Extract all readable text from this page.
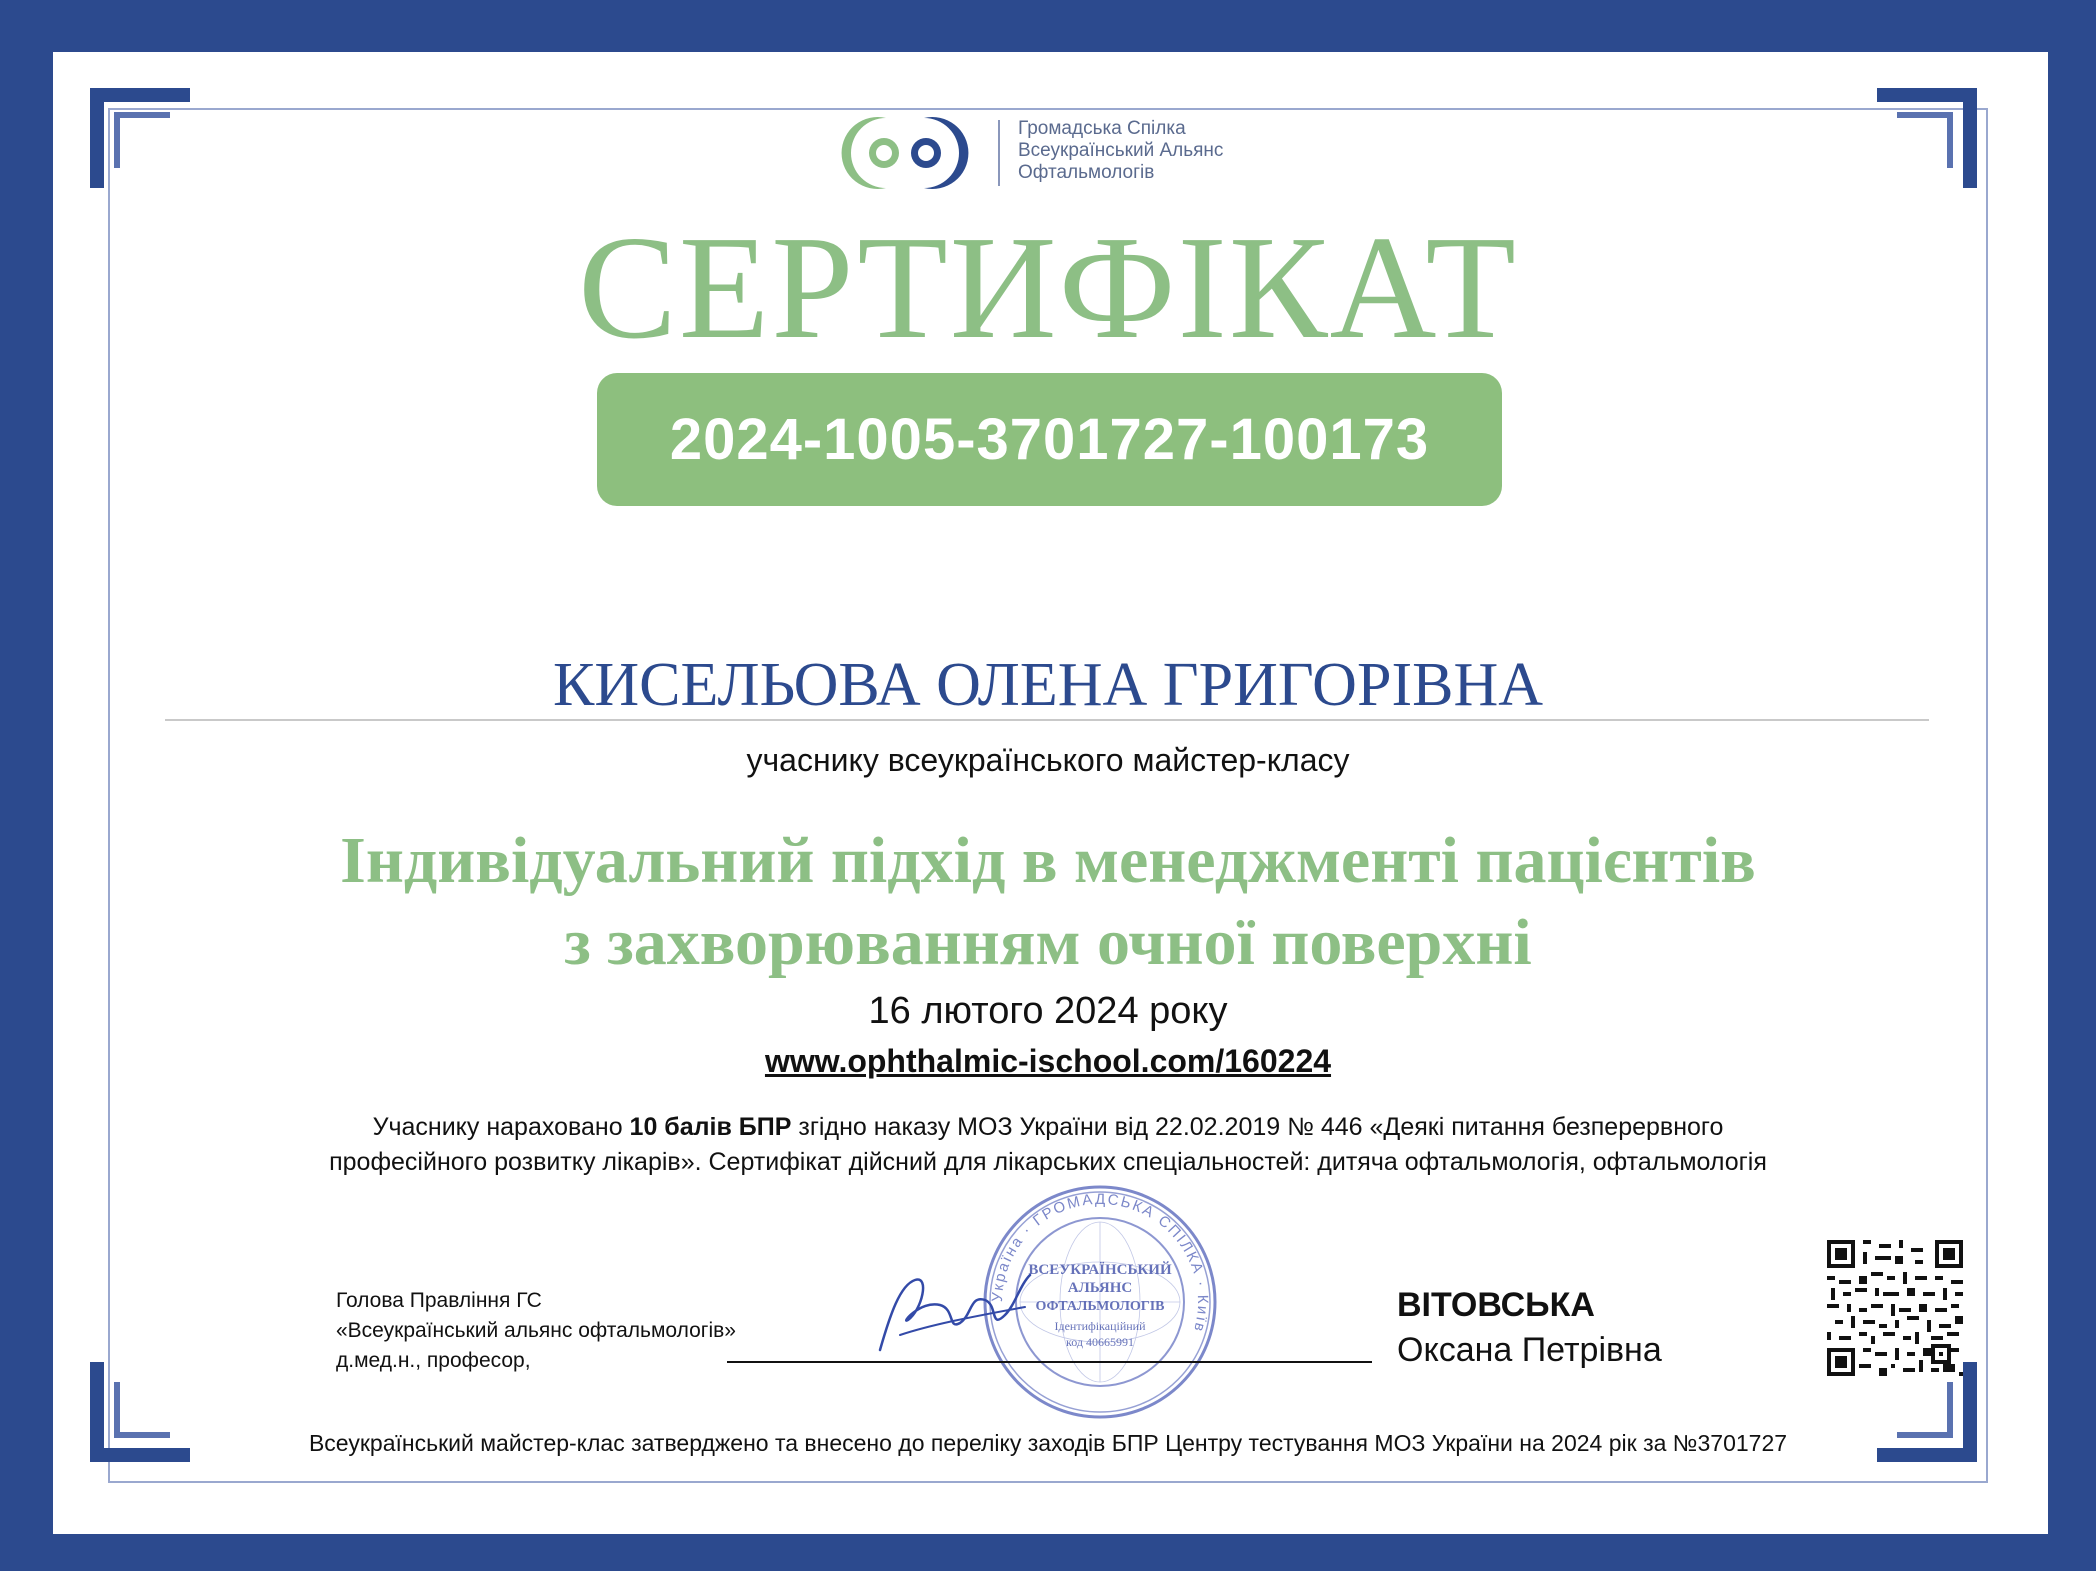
Громадська Спілка
Всеукраїнський Альянс
Офтальмологів
СЕРТИФІКАТ
2024-1005-3701727-100173
КИСЕЛЬОВА ОЛЕНА ГРИГОРІВНА
учаснику всеукраїнського майстер-класу
Індивідуальний підхід в менеджменті пацієнтів
з захворюванням очної поверхні
16 лютого 2024 року
www.ophthalmic-ischool.com/160224
Учаснику нараховано 10 балів БПР згідно наказу МОЗ України від 22.02.2019 № 446 «Деякі питання безперервного
професійного розвитку лікарів». Сертифікат дійсний для лікарських спеціальностей: дитяча офтальмологія, офтальмологія
Голова Правління ГС
«Всеукраїнський альянс офтальмологів»
д.мед.н., професор,
Україна · ГРОМАДСЬКА СПІЛКА · Київ
ВСЕУКРАЇНСЬКИЙ
АЛЬЯНС
ОФТАЛЬМОЛОГІВ
Ідентифікаційний
код 40665991
ВІТОВСЬКА
Оксана Петрівна
Всеукраїнський майстер-клас затверджено та внесено до переліку заходів БПР Центру тестування МОЗ України на 2024 рік за №3701727
